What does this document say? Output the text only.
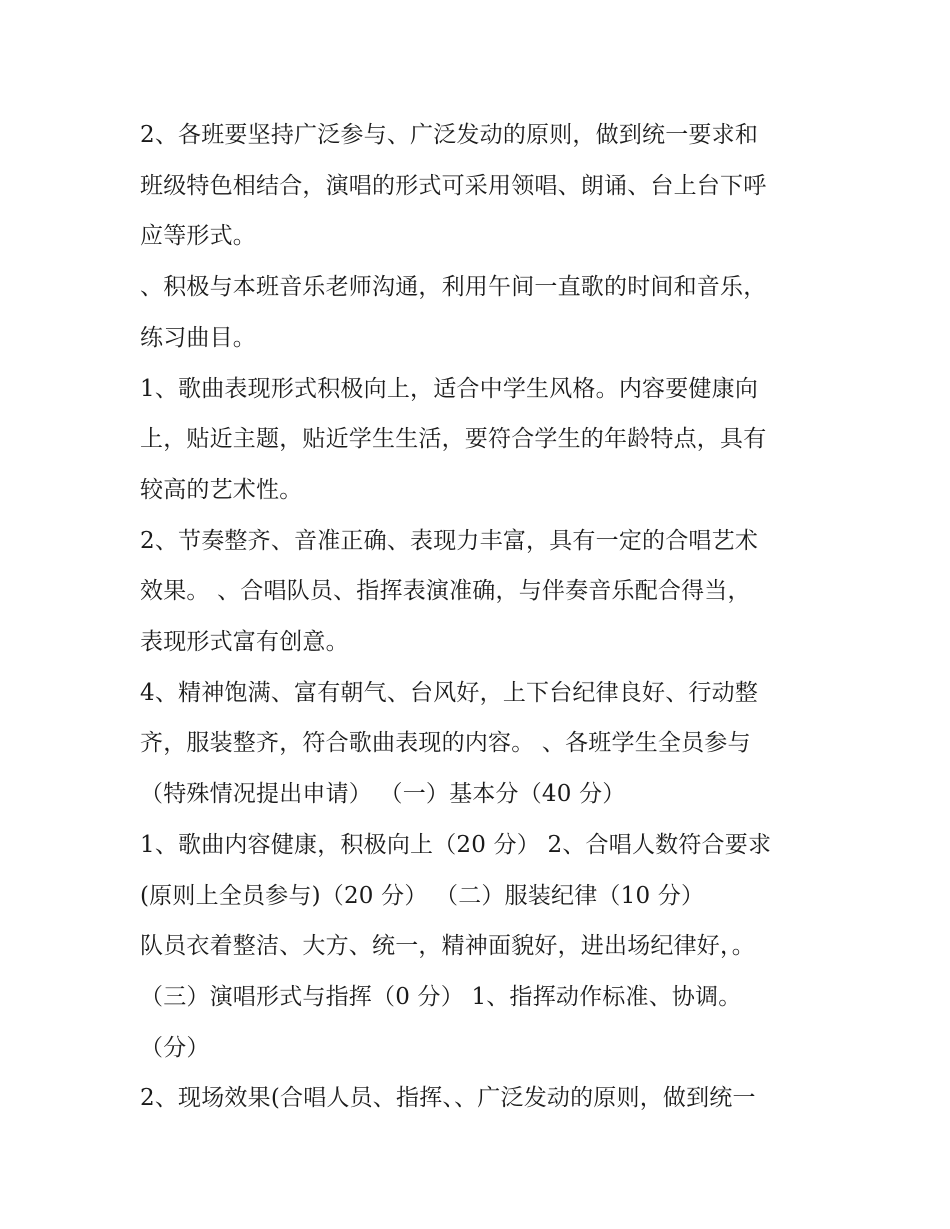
2、各班要坚持广泛参与、广泛发动的原则，做到统一要求和
班级特色相结合，演唱的形式可采用领唱、朗诵、台上台下呼
应等形式。
、积极与本班音乐老师沟通，利用午间一直歌的时间和音乐，
练习曲目。
1、歌曲表现形式积极向上，适合中学生风格。内容要健康向
上，贴近主题，贴近学生生活，要符合学生的年龄特点，具有
较高的艺术性。
2、节奏整齐、音准正确、表现力丰富，具有一定的合唱艺术
效果。 、合唱队员、指挥表演准确，与伴奏音乐配合得当，
表现形式富有创意。
4、精神饱满、富有朝气、台风好，上下台纪律良好、行动整
齐，服装整齐，符合歌曲表现的内容。 、各班学生全员参与
（特殊情况提出申请） （一）基本分（40 分）
1、歌曲内容健康，积极向上（20 分） 2、合唱人数符合要求
(原则上全员参与)（20 分） （二）服装纪律（10 分）
队员衣着整洁、大方、统一，精神面貌好，进出场纪律好，。
（三）演唱形式与指挥（0 分） 1、指挥动作标准、协调。
（分）
2、现场效果(合唱人员、指挥、、广泛发动的原则，做到统一
